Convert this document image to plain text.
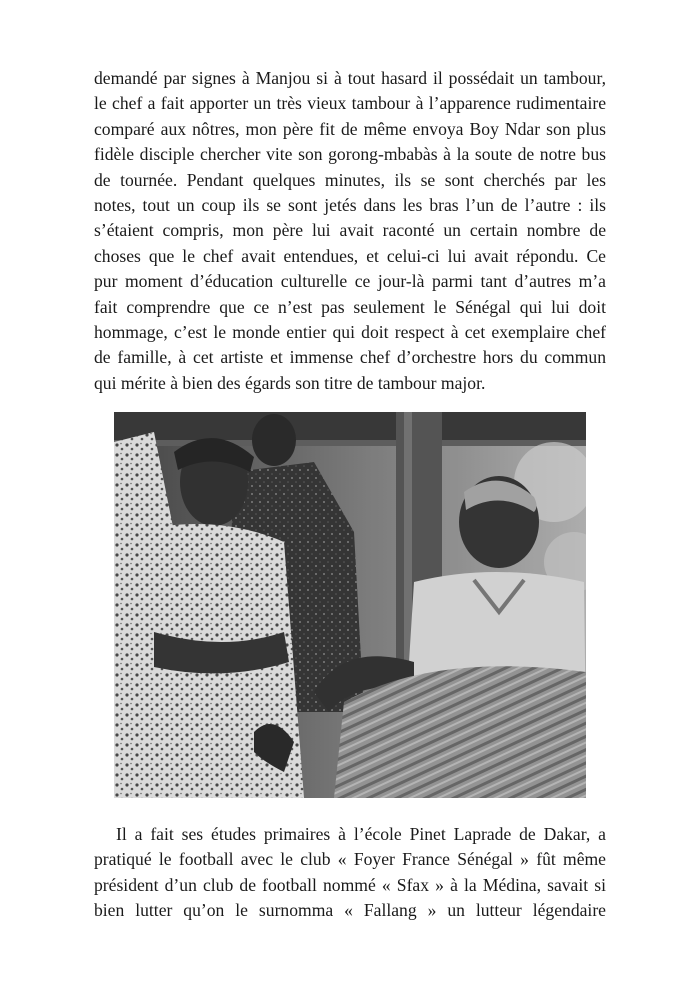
demandé par signes à Manjou si à tout hasard il possédait un tambour,
le chef a fait apporter un très vieux tambour à l’apparence rudimentaire
comparé aux nôtres, mon père fit de même envoya Boy Ndar son plus
fidèle disciple chercher vite son gorong-mbabàs à la soute de notre bus
de tournée. Pendant quelques minutes, ils se sont cherchés par les
notes, tout un coup ils se sont jetés dans les bras l’un de l’autre : ils
s’étaient compris, mon père lui avait raconté un certain nombre de
choses que le chef avait entendues, et celui-ci lui avait répondu. Ce
pur moment d’éducation culturelle ce jour-là parmi tant d’autres m’a
fait comprendre que ce n’est pas seulement le Sénégal qui lui doit
hommage, c’est le monde entier qui doit respect à cet exemplaire chef
de famille, à cet artiste et immense chef d’orchestre hors du commun
qui mérite à bien des égards son titre de tambour major.
Il a fait ses études primaires à l’école Pinet Laprade de Dakar, a
pratiqué le football avec le club « Foyer France Sénégal » fût même
président d’un club de football nommé « Sfax » à la Médina, savait si
bien lutter qu’on le surnomma « Fallang » un lutteur légendaire
